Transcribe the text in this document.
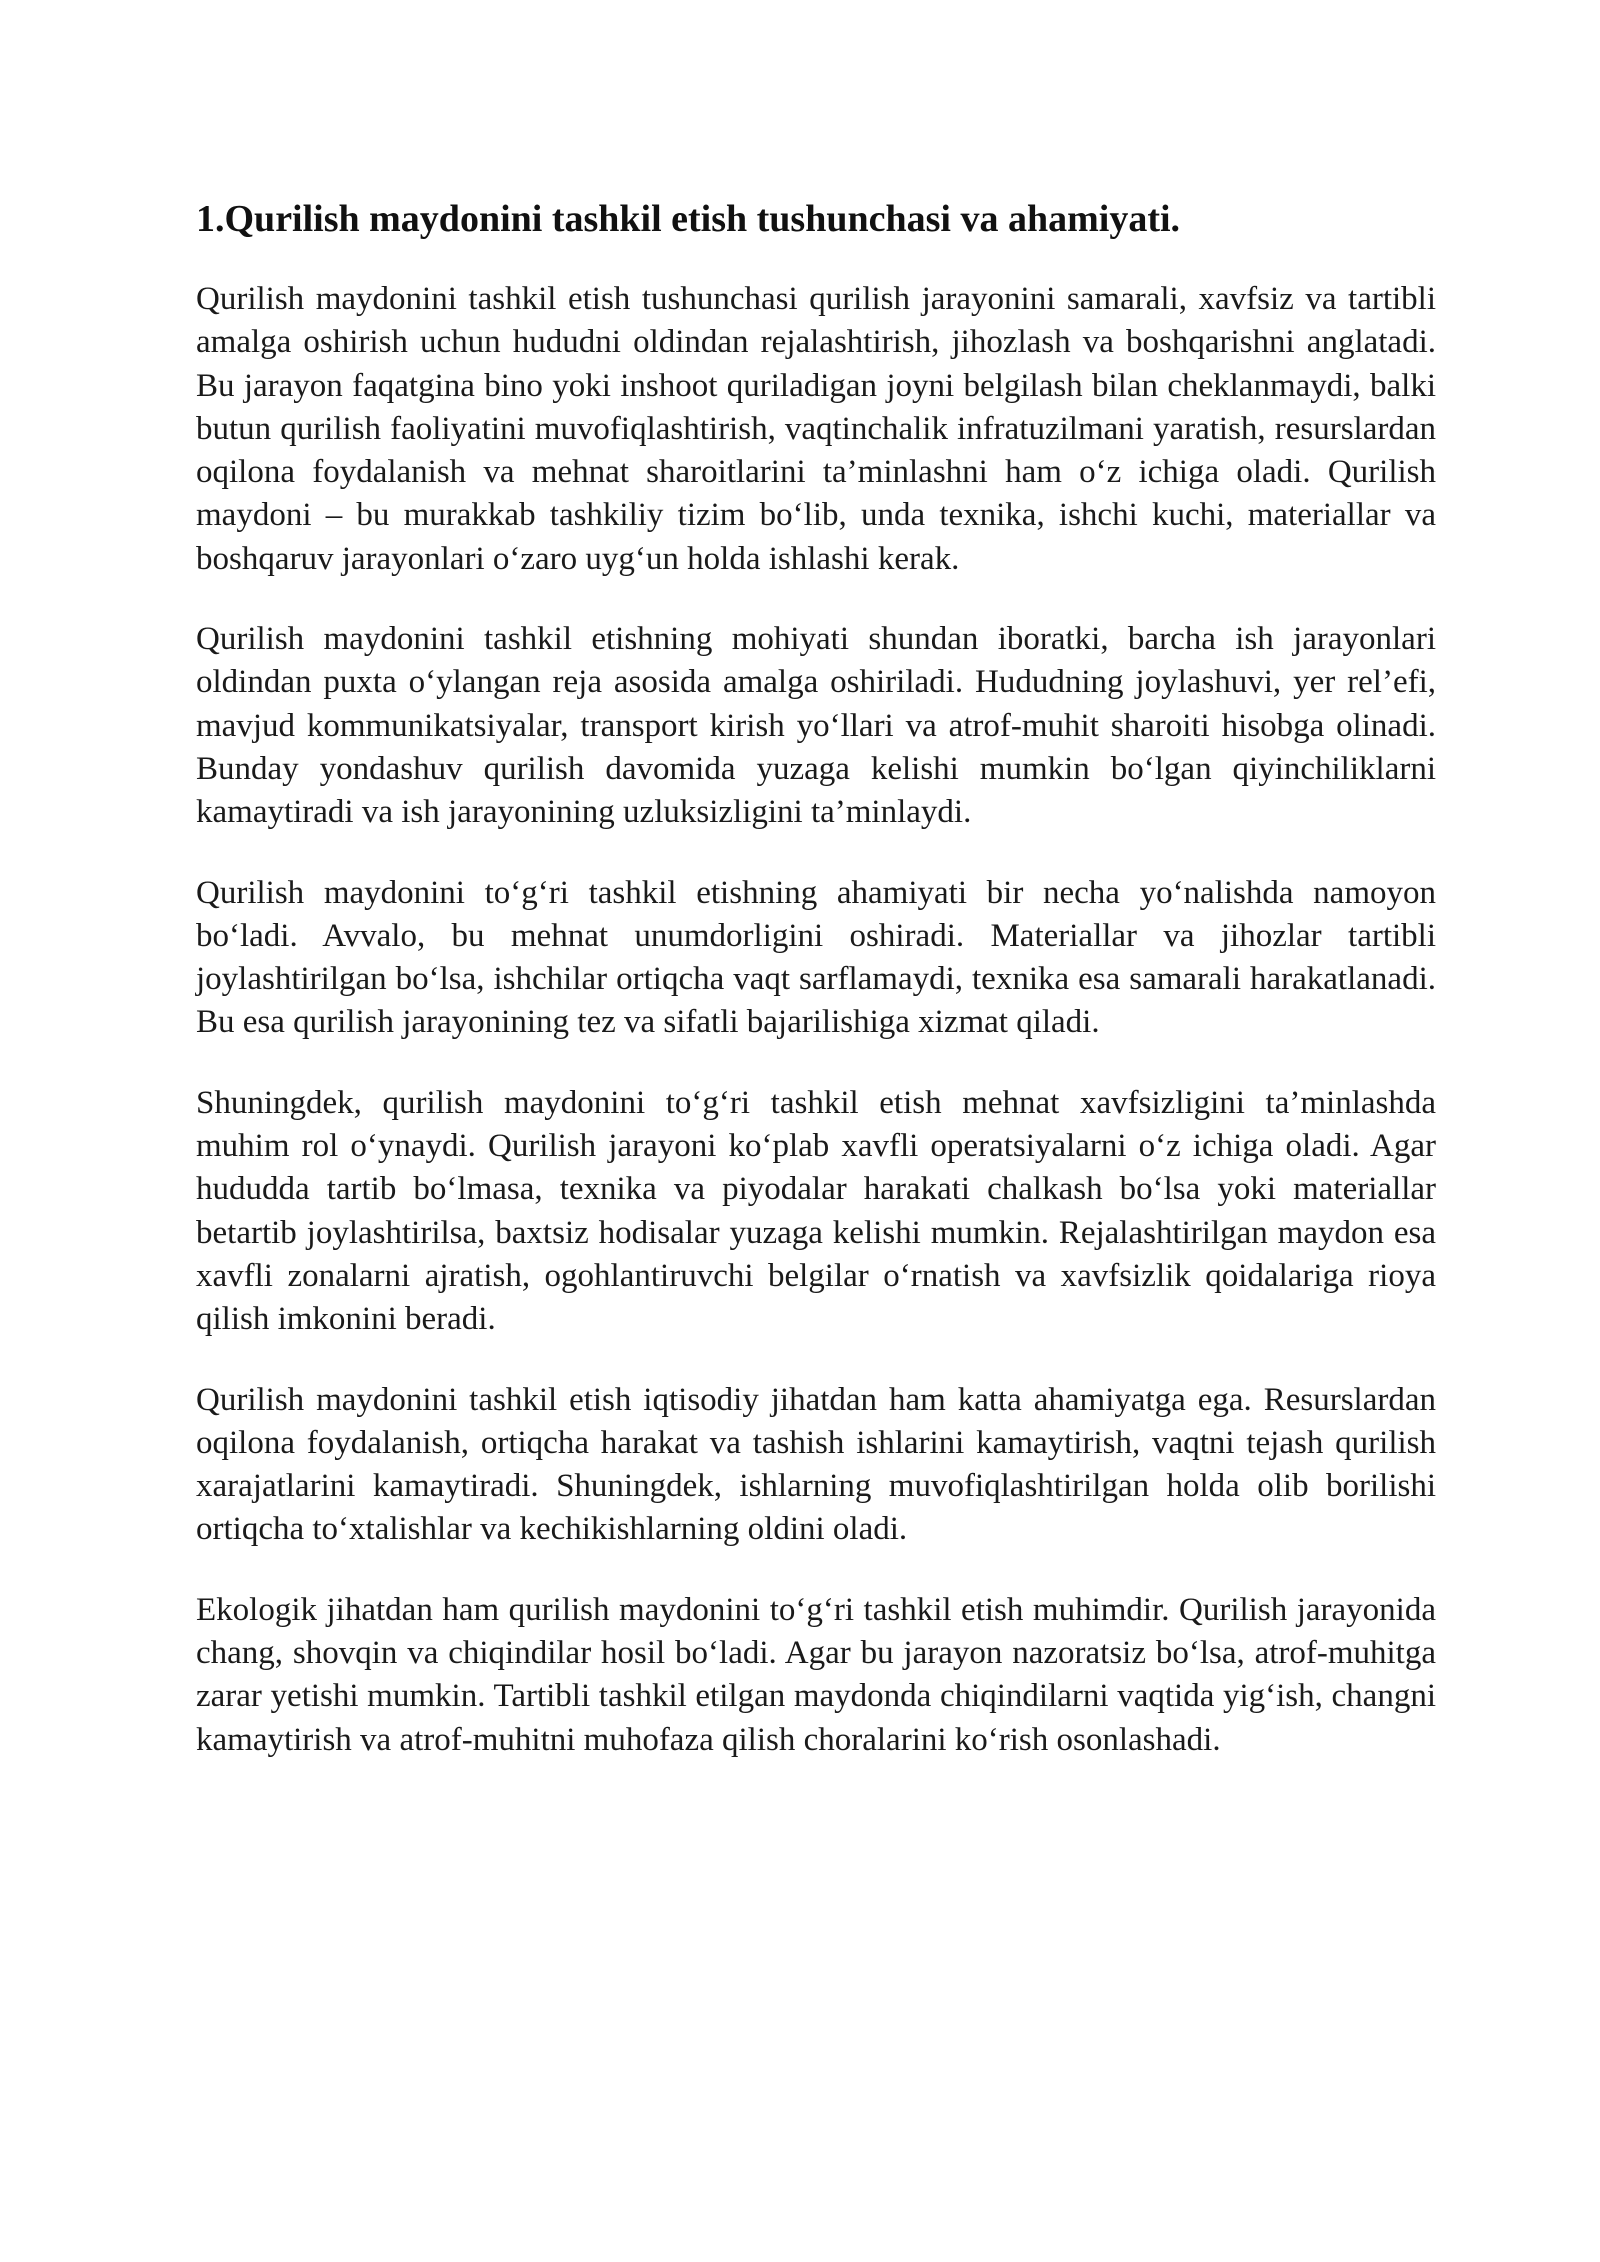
1.Qurilish maydonini tashkil etish tushunchasi va ahamiyati.

Qurilish maydonini tashkil etish tushunchasi qurilish jarayonini samarali, xavfsiz va tartibli amalga oshirish uchun hududni oldindan rejalashtirish, jihozlash va boshqarishni anglatadi. Bu jarayon faqatgina bino yoki inshoot quriladigan joyni belgilash bilan cheklanmaydi, balki butun qurilish faoliyatini muvofiqlashtirish, vaqtinchalik infratuzilmani yaratish, resurslardan oqilona foydalanish va mehnat sharoitlarini ta’minlashni ham o‘z ichiga oladi. Qurilish maydoni – bu murakkab tashkiliy tizim bo‘lib, unda texnika, ishchi kuchi, materiallar va boshqaruv jarayonlari o‘zaro uyg‘un holda ishlashi kerak.

Qurilish maydonini tashkil etishning mohiyati shundan iboratki, barcha ish jarayonlari oldindan puxta o‘ylangan reja asosida amalga oshiriladi. Hududning joylashuvi, yer rel’efi, mavjud kommunikatsiyalar, transport kirish yo‘llari va atrof-muhit sharoiti hisobga olinadi. Bunday yondashuv qurilish davomida yuzaga kelishi mumkin bo‘lgan qiyinchiliklarni kamaytiradi va ish jarayonining uzluksizligini ta’minlaydi.

Qurilish maydonini to‘g‘ri tashkil etishning ahamiyati bir necha yo‘nalishda namoyon bo‘ladi. Avvalo, bu mehnat unumdorligini oshiradi. Materiallar va jihozlar tartibli joylashtirilgan bo‘lsa, ishchilar ortiqcha vaqt sarflamaydi, texnika esa samarali harakatlanadi. Bu esa qurilish jarayonining tez va sifatli bajarilishiga xizmat qiladi.

Shuningdek, qurilish maydonini to‘g‘ri tashkil etish mehnat xavfsizligini ta’minlashda muhim rol o‘ynaydi. Qurilish jarayoni ko‘plab xavfli operatsiyalarni o‘z ichiga oladi. Agar hududda tartib bo‘lmasa, texnika va piyodalar harakati chalkash bo‘lsa yoki materiallar betartib joylashtirilsa, baxtsiz hodisalar yuzaga kelishi mumkin. Rejalashtirilgan maydon esa xavfli zonalarni ajratish, ogohlantiruvchi belgilar o‘rnatish va xavfsizlik qoidalariga rioya qilish imkonini beradi.

Qurilish maydonini tashkil etish iqtisodiy jihatdan ham katta ahamiyatga ega. Resurslardan oqilona foydalanish, ortiqcha harakat va tashish ishlarini kamaytirish, vaqtni tejash qurilish xarajatlarini kamaytiradi. Shuningdek, ishlarning muvofiqlashtirilgan holda olib borilishi ortiqcha to‘xtalishlar va kechikishlarning oldini oladi.

Ekologik jihatdan ham qurilish maydonini to‘g‘ri tashkil etish muhimdir. Qurilish jarayonida chang, shovqin va chiqindilar hosil bo‘ladi. Agar bu jarayon nazoratsiz bo‘lsa, atrof-muhitga zarar yetishi mumkin. Tartibli tashkil etilgan maydonda chiqindilarni vaqtida yig‘ish, changni kamaytirish va atrof-muhitni muhofaza qilish choralarini ko‘rish osonlashadi.
